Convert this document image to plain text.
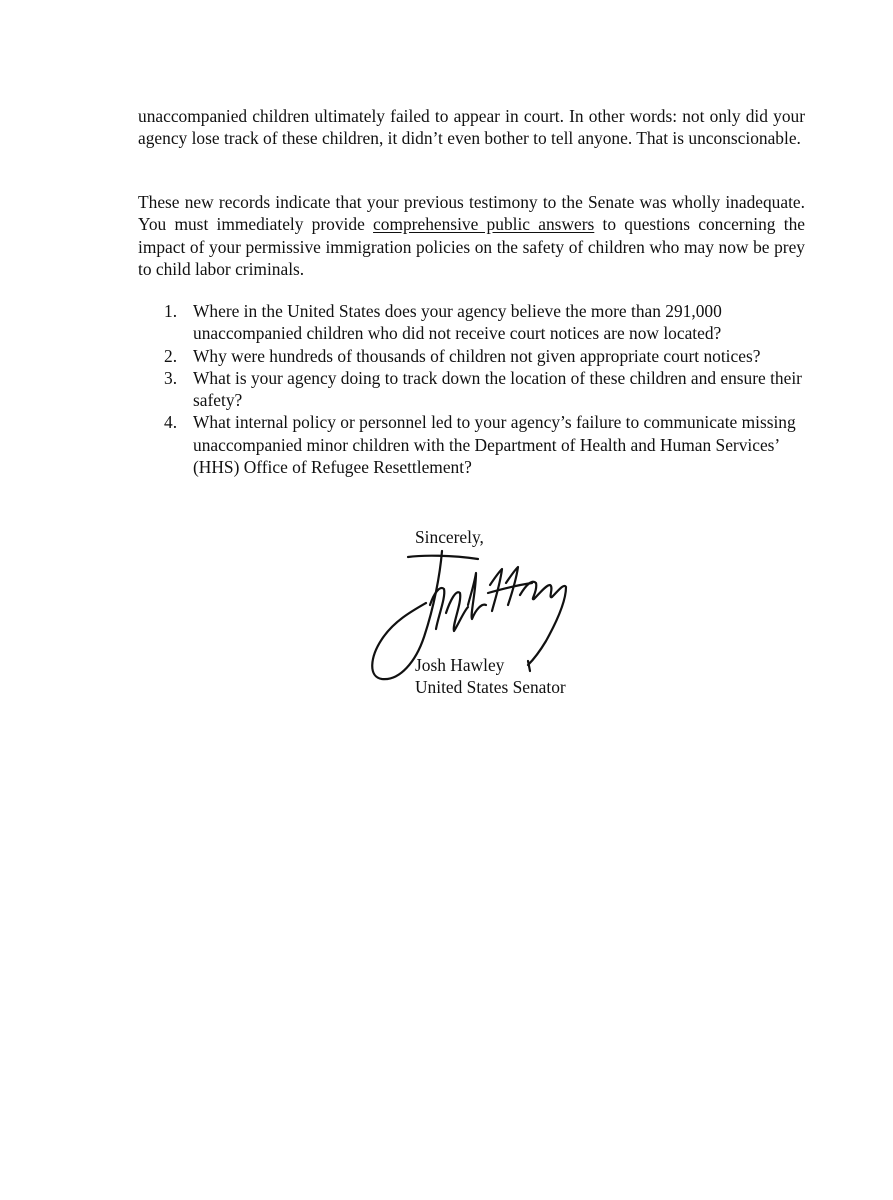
unaccompanied children ultimately failed to appear in court. In other words: not only did your agency lose track of these children, it didn’t even bother to tell anyone. That is unconscionable.

These new records indicate that your previous testimony to the Senate was wholly inadequate. You must immediately provide comprehensive public answers to questions concerning the impact of your permissive immigration policies on the safety of children who may now be prey to child labor criminals.

1. Where in the United States does your agency believe the more than 291,000 unaccompanied children who did not receive court notices are now located?
2. Why were hundreds of thousands of children not given appropriate court notices?
3. What is your agency doing to track down the location of these children and ensure their safety?
4. What internal policy or personnel led to your agency’s failure to communicate missing unaccompanied minor children with the Department of Health and Human Services’ (HHS) Office of Refugee Resettlement?
Sincerely,
Josh Hawley
United States Senator
